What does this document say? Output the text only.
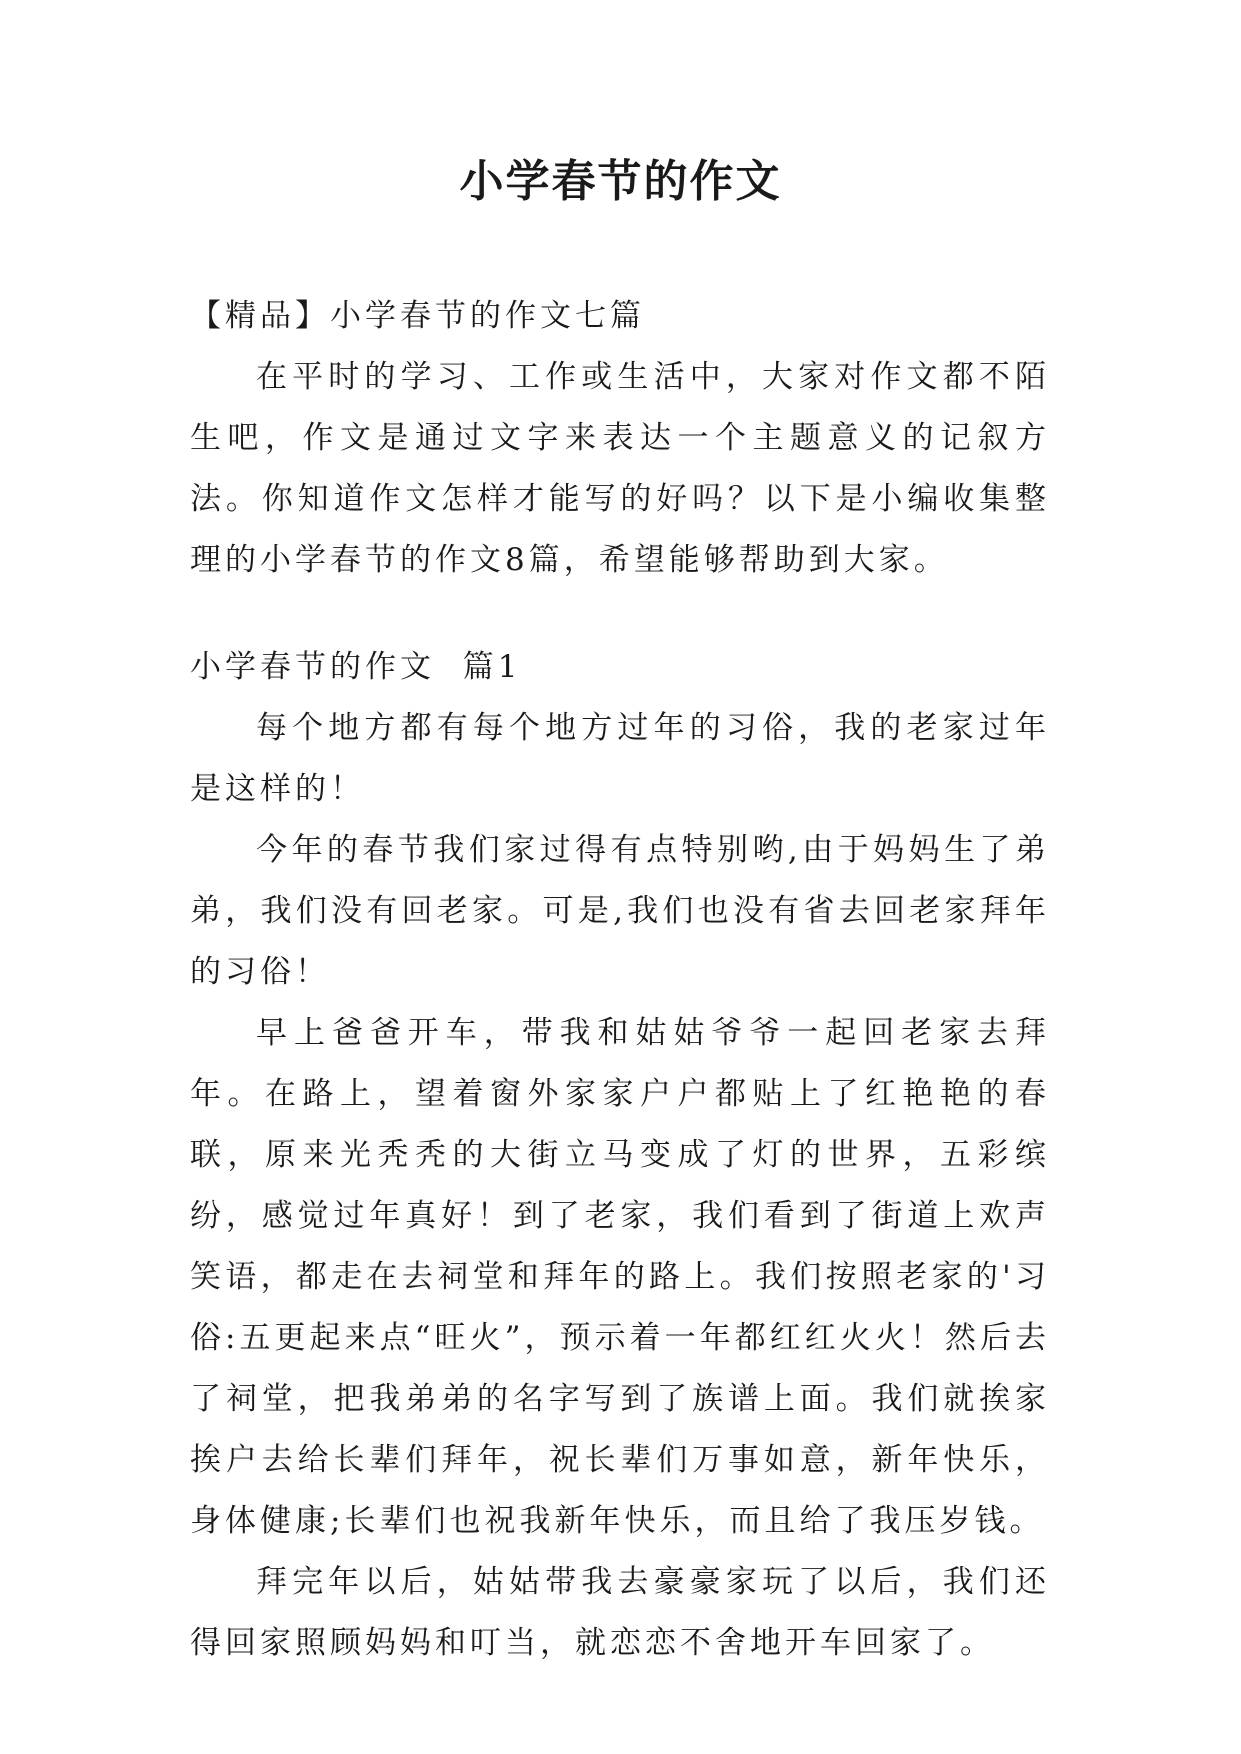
小学春节的作文

【精品】小学春节的作文七篇

在平时的学习、工作或生活中，大家对作文都不陌生吧，作文是通过文字来表达一个主题意义的记叙方法。你知道作文怎样才能写的好吗？以下是小编收集整理的小学春节的作文8篇，希望能够帮助到大家。

小学春节的作文  篇1

每个地方都有每个地方过年的习俗，我的老家过年是这样的！

今年的春节我们家过得有点特别哟,由于妈妈生了弟弟，我们没有回老家。可是,我们也没有省去回老家拜年的习俗！

早上爸爸开车，带我和姑姑爷爷一起回老家去拜年。在路上，望着窗外家家户户都贴上了红艳艳的春联，原来光秃秃的大街立马变成了灯的世界，五彩缤纷，感觉过年真好！到了老家，我们看到了街道上欢声笑语，都走在去祠堂和拜年的路上。我们按照老家的'习俗:五更起来点“旺火”，预示着一年都红红火火！然后去了祠堂，把我弟弟的名字写到了族谱上面。我们就挨家挨户去给长辈们拜年，祝长辈们万事如意，新年快乐，身体健康;长辈们也祝我新年快乐，而且给了我压岁钱。

拜完年以后，姑姑带我去豪豪家玩了以后，我们还得回家照顾妈妈和叮当，就恋恋不舍地开车回家了。
